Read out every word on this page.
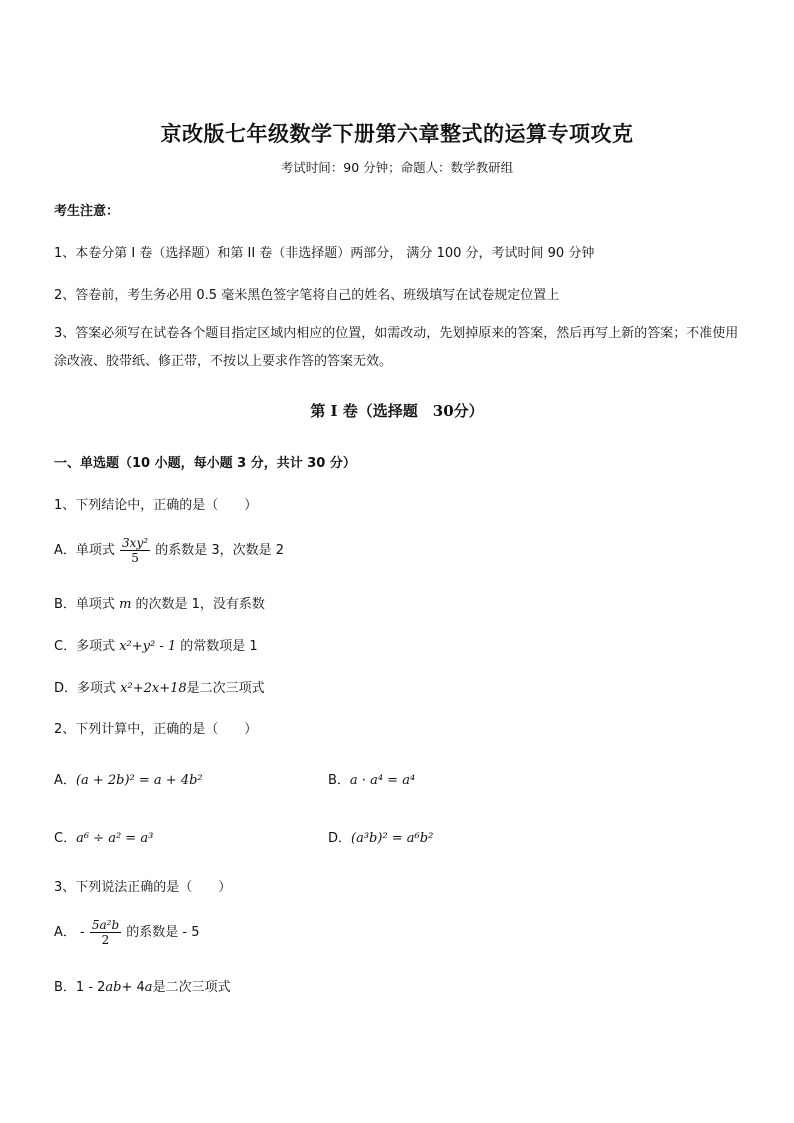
京改版七年级数学下册第六章整式的运算专项攻克
考试时间：90 分钟；命题人：数学教研组
考生注意：
1、本卷分第 I 卷（选择题）和第 II 卷（非选择题）两部分， 满分 100 分，考试时间 90 分钟
2、答卷前，考生务必用 0.5 毫米黑色签字笔将自己的姓名、班级填写在试卷规定位置上
3、答案必须写在试卷各个题目指定区域内相应的位置，如需改动，先划掉原来的答案，然后再写上新的答案；不准使用涂改液、胶带纸、修正带，不按以上要求作答的答案无效。
第 I 卷（选择题　30分）
一、单选题（10 小题，每小题 3 分，共计 30 分）
1、下列结论中，正确的是（　　）
A．单项式 $\frac{\text{3xy²}}{5}$ 的系数是 3，次数是 2
B．单项式 m 的次数是 1，没有系数
C．多项式 x²+y² - 1 的常数项是 1
D．多项式 x²+2x+18是二次三项式
2、下列计算中，正确的是（　　）
A．(a + 2b)² = a + 4b²	B．a · a⁴ = a⁴
C．a⁶ ÷ a² = a³	D．(a³b)² = a⁶b²
3、下列说法正确的是（　　）
A． - $\frac{\text{5a²b}}{2}$ 的系数是 - 5
B．1 - 2ab+ 4a是二次三项式
